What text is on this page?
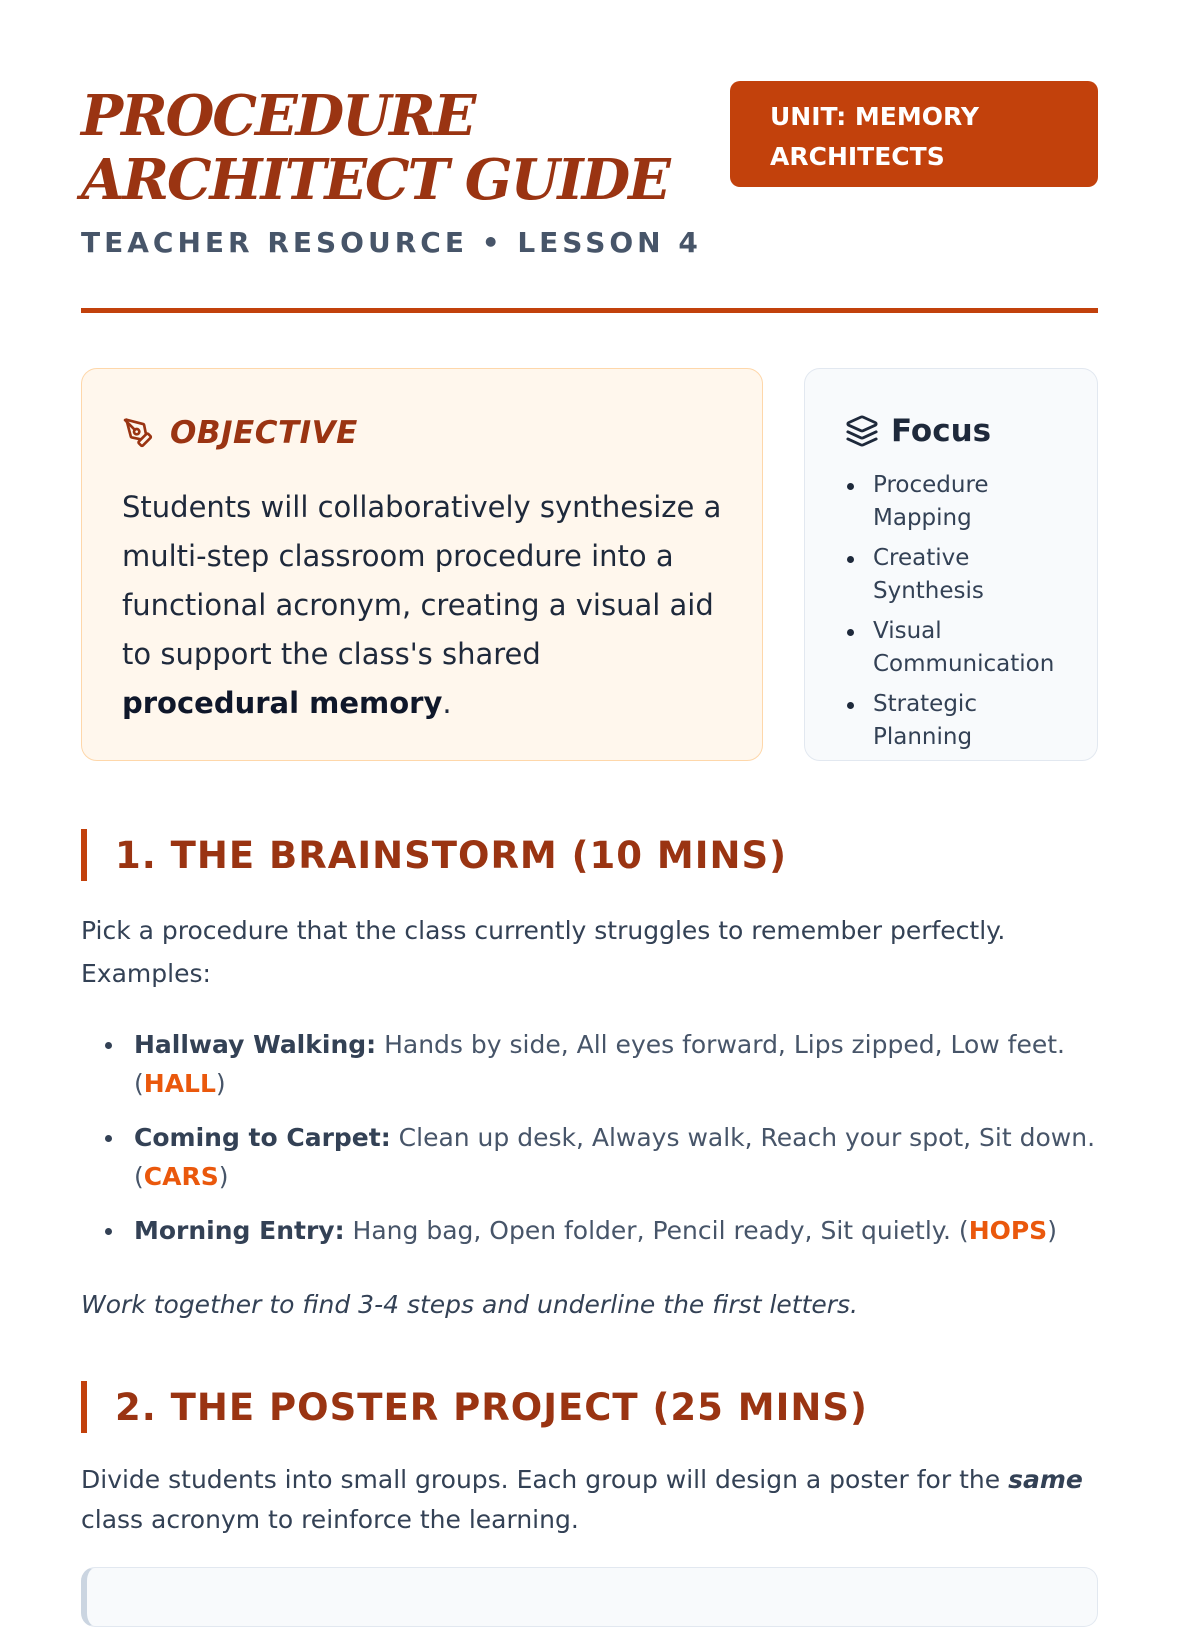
PROCEDURE
ARCHITECT GUIDE
TEACHER RESOURCE • LESSON 4
UNIT: MEMORY ARCHITECTS
OBJECTIVE

Students will collaboratively synthesize a multi-step classroom procedure into a functional acronym, creating a visual aid to support the class's shared procedural memory.

Focus
Procedure Mapping
Creative Synthesis
Visual Communication
Strategic Planning
1. THE BRAINSTORM (10 MINS)

Pick a procedure that the class currently struggles to remember perfectly. Examples:

Hallway Walking: Hands by side, All eyes forward, Lips zipped, Low feet. (HALL)
Coming to Carpet: Clean up desk, Always walk, Reach your spot, Sit down. (CARS)
Morning Entry: Hang bag, Open folder, Pencil ready, Sit quietly. (HOPS)

Work together to find 3-4 steps and underline the first letters.

2. THE POSTER PROJECT (25 MINS)

Divide students into small groups. Each group will design a poster for the same class acronym to reinforce the learning.
